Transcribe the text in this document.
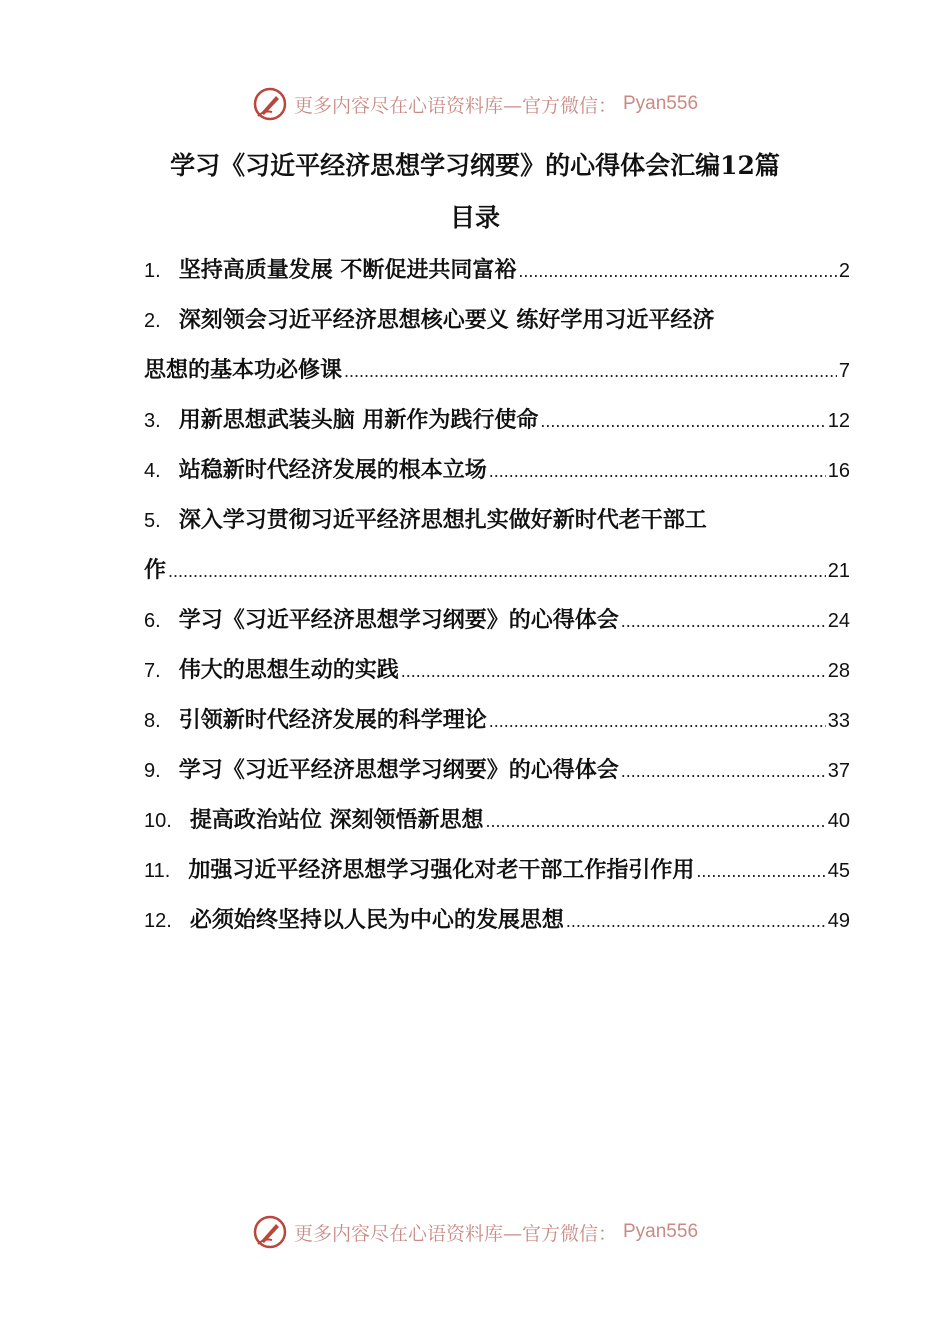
更多内容尽在心语资料库—官方微信： Pyan556
学习《习近平经济思想学习纲要》的心得体会汇编12篇
目录
1. 坚持高质量发展 不断促进共同富裕 .....	2
2. 深刻领会习近平经济思想核心要义 练好学用习近平经济
思想的基本功必修课 .....	7
3. 用新思想武装头脑 用新作为践行使命 .....	12
4. 站稳新时代经济发展的根本立场 .....	16
5. 深入学习贯彻习近平经济思想扎实做好新时代老干部工
作 .....	21
6. 学习《习近平经济思想学习纲要》的心得体会 .....	24
7. 伟大的思想生动的实践 .....	28
8. 引领新时代经济发展的科学理论 .....	33
9. 学习《习近平经济思想学习纲要》的心得体会 .....	37
10. 提高政治站位 深刻领悟新思想 .....	40
11. 加强习近平经济思想学习强化对老干部工作指引作用 .....	45
12. 必须始终坚持以人民为中心的发展思想 .....	49
更多内容尽在心语资料库—官方微信： Pyan556
